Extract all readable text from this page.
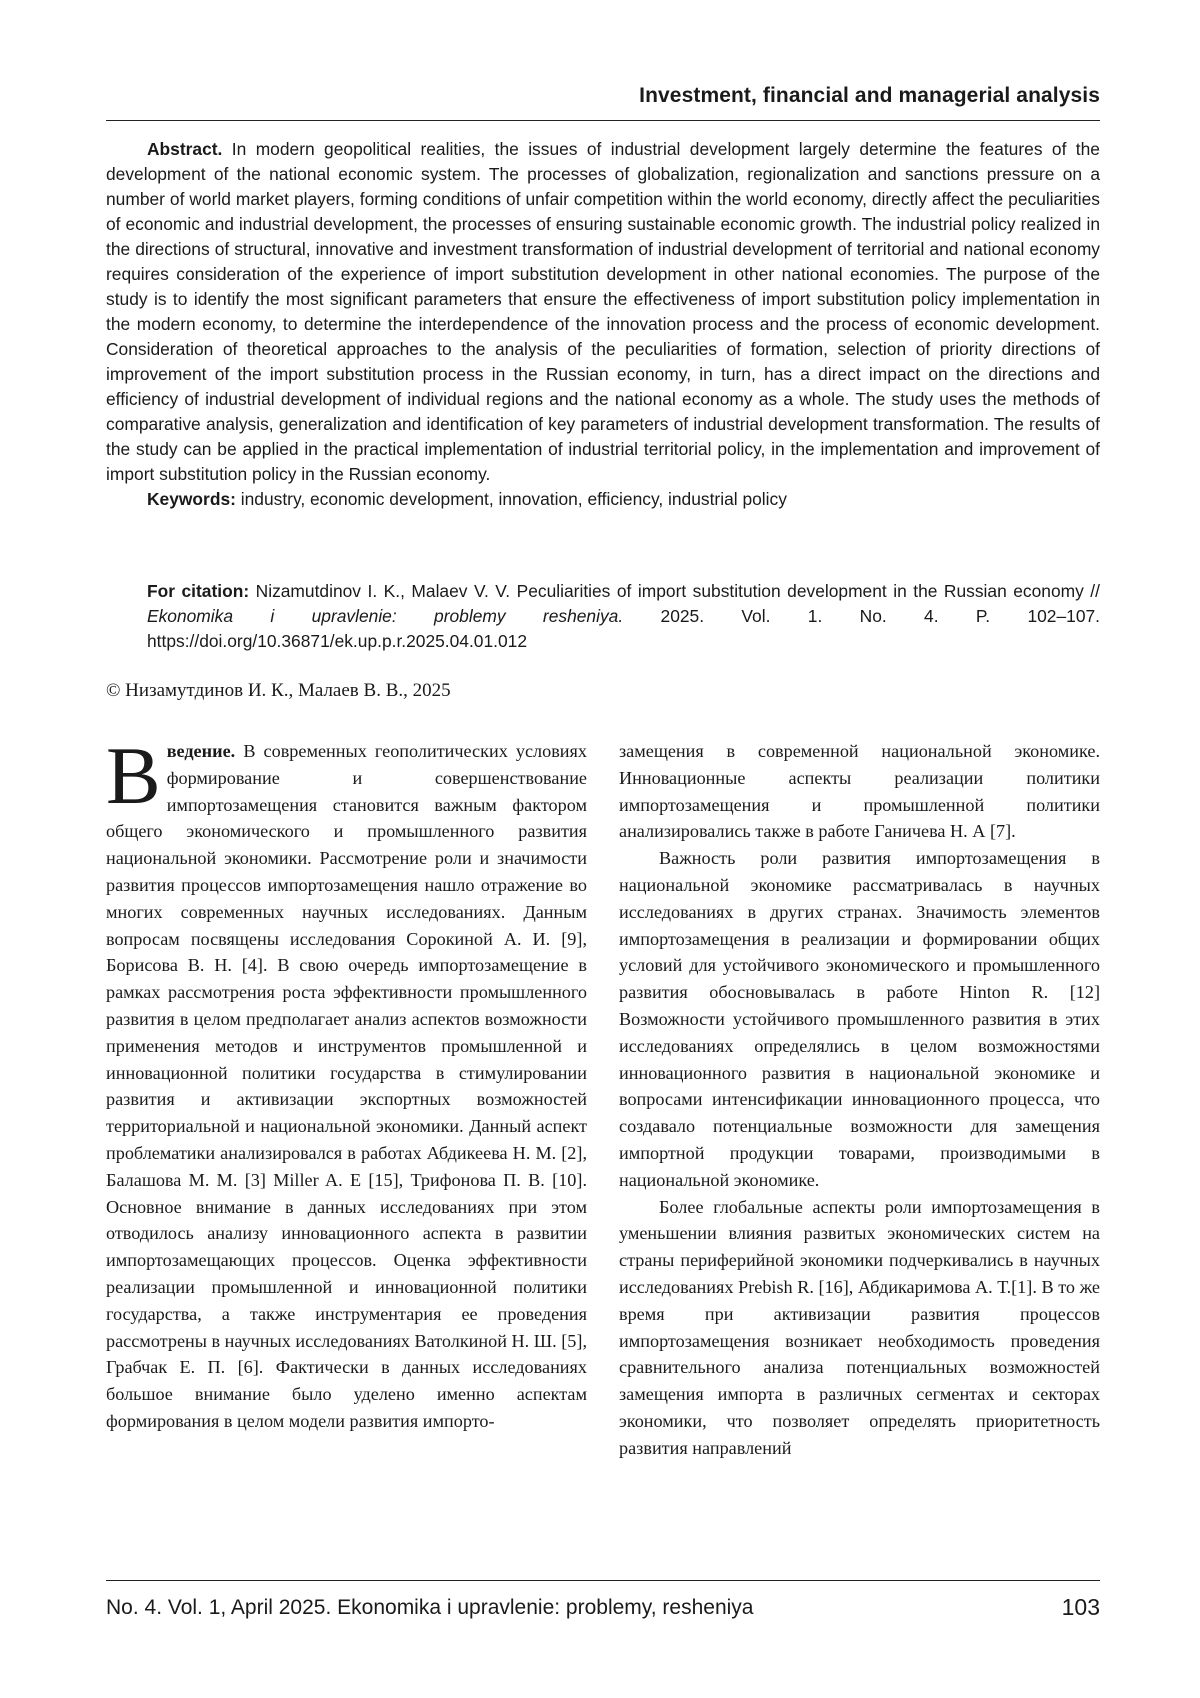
Investment, financial and managerial analysis

Abstract. In modern geopolitical realities, the issues of industrial development largely determine the features of the development of the national economic system. The processes of globalization, regionalization and sanctions pressure on a number of world market players, forming conditions of unfair competition within the world economy, directly affect the peculiarities of economic and industrial development, the processes of ensuring sustainable economic growth. The industrial policy realized in the directions of structural, innovative and investment transformation of industrial development of territorial and national economy requires consideration of the experience of import substitution development in other national economies. The purpose of the study is to identify the most significant parameters that ensure the effectiveness of import substitution policy implementation in the modern economy, to determine the interdependence of the innovation process and the process of economic development. Consideration of theoretical approaches to the analysis of the peculiarities of formation, selection of priority directions of improvement of the import substitution process in the Russian economy, in turn, has a direct impact on the directions and efficiency of industrial development of individual regions and the national economy as a whole. The study uses the methods of comparative analysis, generalization and identification of key parameters of industrial development transformation. The results of the study can be applied in the practical implementation of industrial territorial policy, in the implementation and improvement of import substitution policy in the Russian economy.

Keywords: industry, economic development, innovation, efficiency, industrial policy

For citation: Nizamutdinov I. K., Malaev V. V. Peculiarities of import substitution development in the Russian economy // Ekonomika i upravlenie: problemy resheniya. 2025. Vol. 1. No. 4. P. 102–107. https://doi.org/10.36871/ek.up.p.r.2025.04.01.012
© Низамутдинов И. К., Малаев В. В., 2025

Введение. В современных геополитических условиях формирование и совершенствование импортозамещения становится важным фактором общего экономического и промышленного развития национальной экономики. Рассмотрение роли и значимости развития процессов импортозамещения нашло отражение во многих современных научных исследованиях. Данным вопросам посвящены исследования Сорокиной А. И. [9], Борисова В. Н. [4]. В свою очередь импортозамещение в рамках рассмотрения роста эффективности промышленного развития в целом предполагает анализ аспектов возможности применения методов и инструментов промышленной и инновационной политики государства в стимулировании развития и активизации экспортных возможностей территориальной и национальной экономики. Данный аспект проблематики анализировался в работах Абдикеева Н. М. [2], Балашова М. М. [3] Miller A. E [15], Трифонова П. В. [10]. Основное внимание в данных исследованиях при этом отводилось анализу инновационного аспекта в развитии импортозамещающих процессов. Оценка эффективности реализации промышленной и инновационной политики государства, а также инструментария ее проведения рассмотрены в научных исследованиях Ватолкиной Н. Ш. [5], Грабчак Е. П. [6]. Фактически в данных исследованиях большое внимание было уделено именно аспектам формирования в целом модели развития импорто-

замещения в современной национальной экономике. Инновационные аспекты реализации политики импортозамещения и промышленной политики анализировались также в работе Ганичева Н. А [7].

Важность роли развития импортозамещения в национальной экономике рассматривалась в научных исследованиях в других странах. Значимость элементов импортозамещения в реализации и формировании общих условий для устойчивого экономического и промышленного развития обосновывалась в работе Hinton R. [12] Возможности устойчивого промышленного развития в этих исследованиях определялись в целом возможностями инновационного развития в национальной экономике и вопросами интенсификации инновационного процесса, что создавало потенциальные возможности для замещения импортной продукции товарами, производимыми в национальной экономике.

Более глобальные аспекты роли импортозамещения в уменьшении влияния развитых экономических систем на страны периферийной экономики подчеркивались в научных исследованиях Prebish R. [16], Абдикаримова А. Т.[1]. В то же время при активизации развития процессов импортозамещения возникает необходимость проведения сравнительного анализа потенциальных возможностей замещения импорта в различных сегментах и секторах экономики, что позволяет определять приоритетность развития направлений

No. 4. Vol. 1, April 2025. Ekonomika i upravlenie: problemy, resheniya	103
